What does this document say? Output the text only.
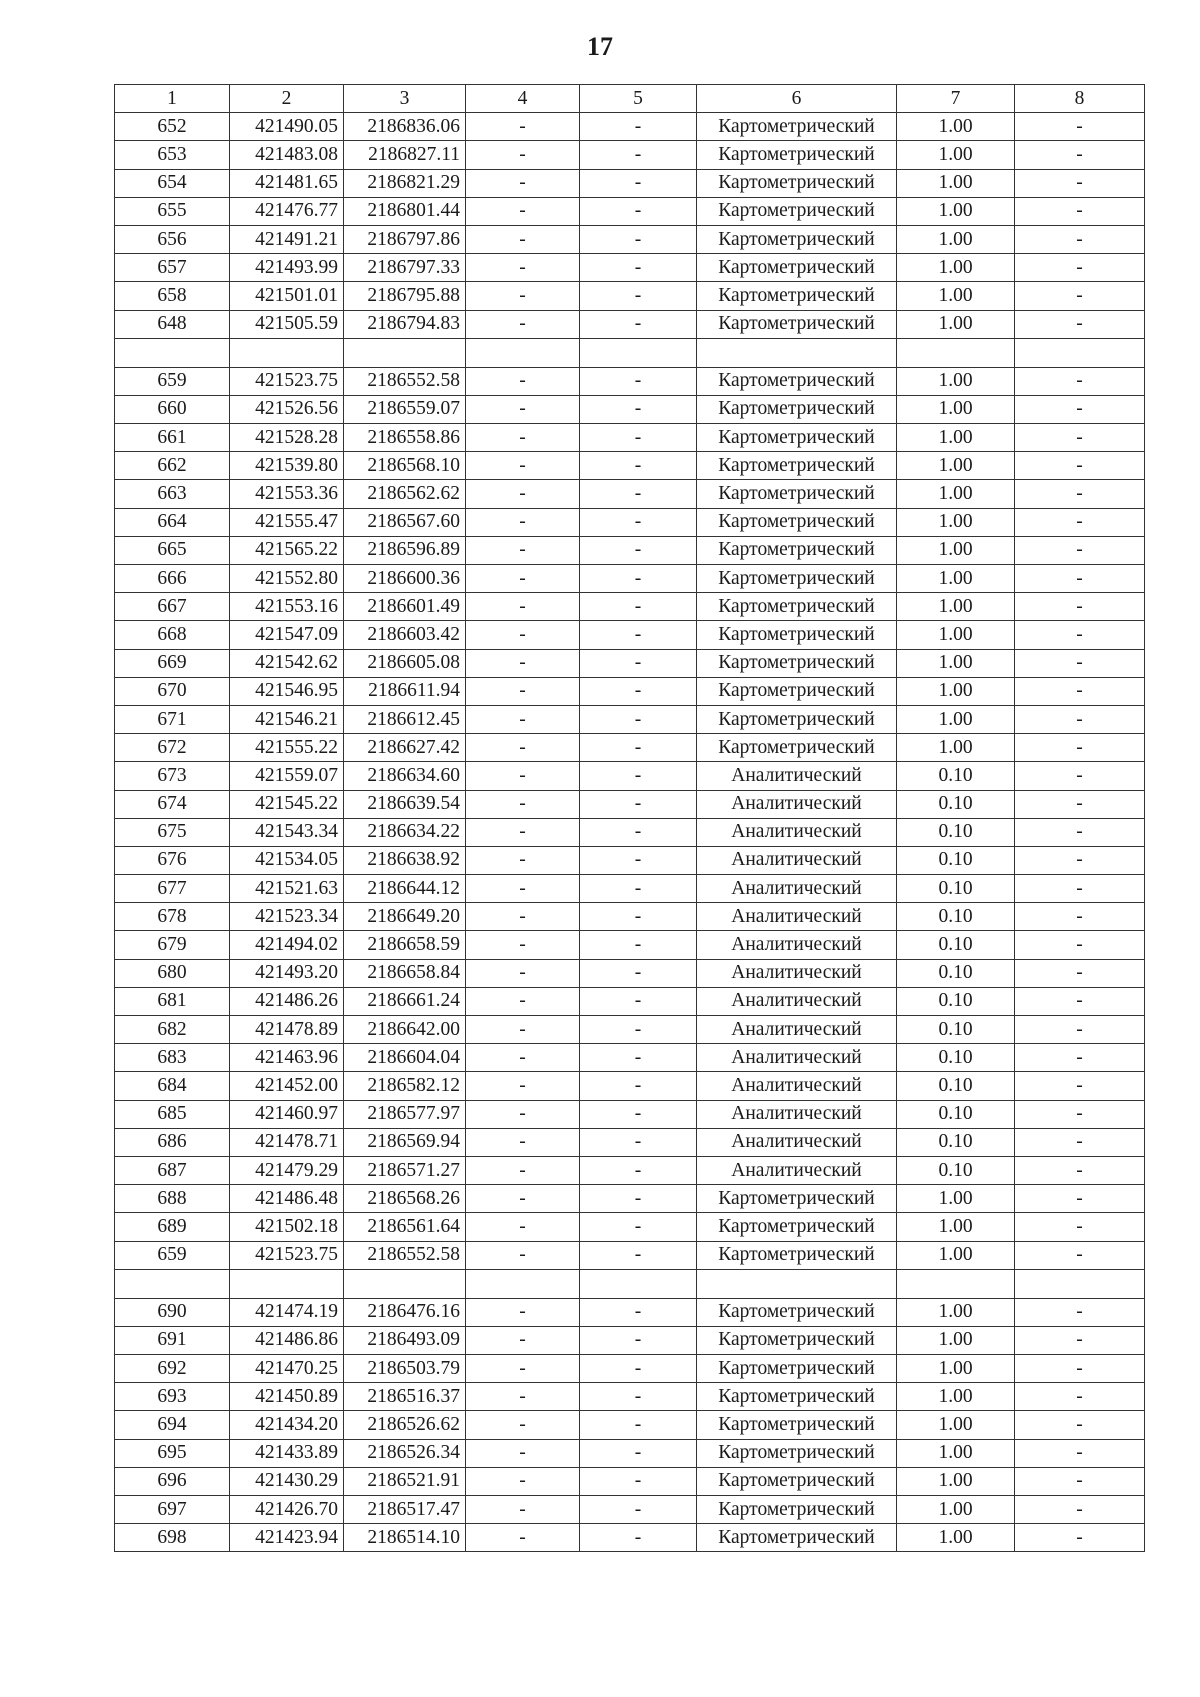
17
1	2	3	4	5	6	7	8
652	421490.05	2186836.06	-	-	Картометрический	1.00	-
653	421483.08	2186827.11	-	-	Картометрический	1.00	-
654	421481.65	2186821.29	-	-	Картометрический	1.00	-
655	421476.77	2186801.44	-	-	Картометрический	1.00	-
656	421491.21	2186797.86	-	-	Картометрический	1.00	-
657	421493.99	2186797.33	-	-	Картометрический	1.00	-
658	421501.01	2186795.88	-	-	Картометрический	1.00	-
648	421505.59	2186794.83	-	-	Картометрический	1.00	-

659	421523.75	2186552.58	-	-	Картометрический	1.00	-
660	421526.56	2186559.07	-	-	Картометрический	1.00	-
661	421528.28	2186558.86	-	-	Картометрический	1.00	-
662	421539.80	2186568.10	-	-	Картометрический	1.00	-
663	421553.36	2186562.62	-	-	Картометрический	1.00	-
664	421555.47	2186567.60	-	-	Картометрический	1.00	-
665	421565.22	2186596.89	-	-	Картометрический	1.00	-
666	421552.80	2186600.36	-	-	Картометрический	1.00	-
667	421553.16	2186601.49	-	-	Картометрический	1.00	-
668	421547.09	2186603.42	-	-	Картометрический	1.00	-
669	421542.62	2186605.08	-	-	Картометрический	1.00	-
670	421546.95	2186611.94	-	-	Картометрический	1.00	-
671	421546.21	2186612.45	-	-	Картометрический	1.00	-
672	421555.22	2186627.42	-	-	Картометрический	1.00	-
673	421559.07	2186634.60	-	-	Аналитический	0.10	-
674	421545.22	2186639.54	-	-	Аналитический	0.10	-
675	421543.34	2186634.22	-	-	Аналитический	0.10	-
676	421534.05	2186638.92	-	-	Аналитический	0.10	-
677	421521.63	2186644.12	-	-	Аналитический	0.10	-
678	421523.34	2186649.20	-	-	Аналитический	0.10	-
679	421494.02	2186658.59	-	-	Аналитический	0.10	-
680	421493.20	2186658.84	-	-	Аналитический	0.10	-
681	421486.26	2186661.24	-	-	Аналитический	0.10	-
682	421478.89	2186642.00	-	-	Аналитический	0.10	-
683	421463.96	2186604.04	-	-	Аналитический	0.10	-
684	421452.00	2186582.12	-	-	Аналитический	0.10	-
685	421460.97	2186577.97	-	-	Аналитический	0.10	-
686	421478.71	2186569.94	-	-	Аналитический	0.10	-
687	421479.29	2186571.27	-	-	Аналитический	0.10	-
688	421486.48	2186568.26	-	-	Картометрический	1.00	-
689	421502.18	2186561.64	-	-	Картометрический	1.00	-
659	421523.75	2186552.58	-	-	Картометрический	1.00	-

690	421474.19	2186476.16	-	-	Картометрический	1.00	-
691	421486.86	2186493.09	-	-	Картометрический	1.00	-
692	421470.25	2186503.79	-	-	Картометрический	1.00	-
693	421450.89	2186516.37	-	-	Картометрический	1.00	-
694	421434.20	2186526.62	-	-	Картометрический	1.00	-
695	421433.89	2186526.34	-	-	Картометрический	1.00	-
696	421430.29	2186521.91	-	-	Картометрический	1.00	-
697	421426.70	2186517.47	-	-	Картометрический	1.00	-
698	421423.94	2186514.10	-	-	Картометрический	1.00	-
